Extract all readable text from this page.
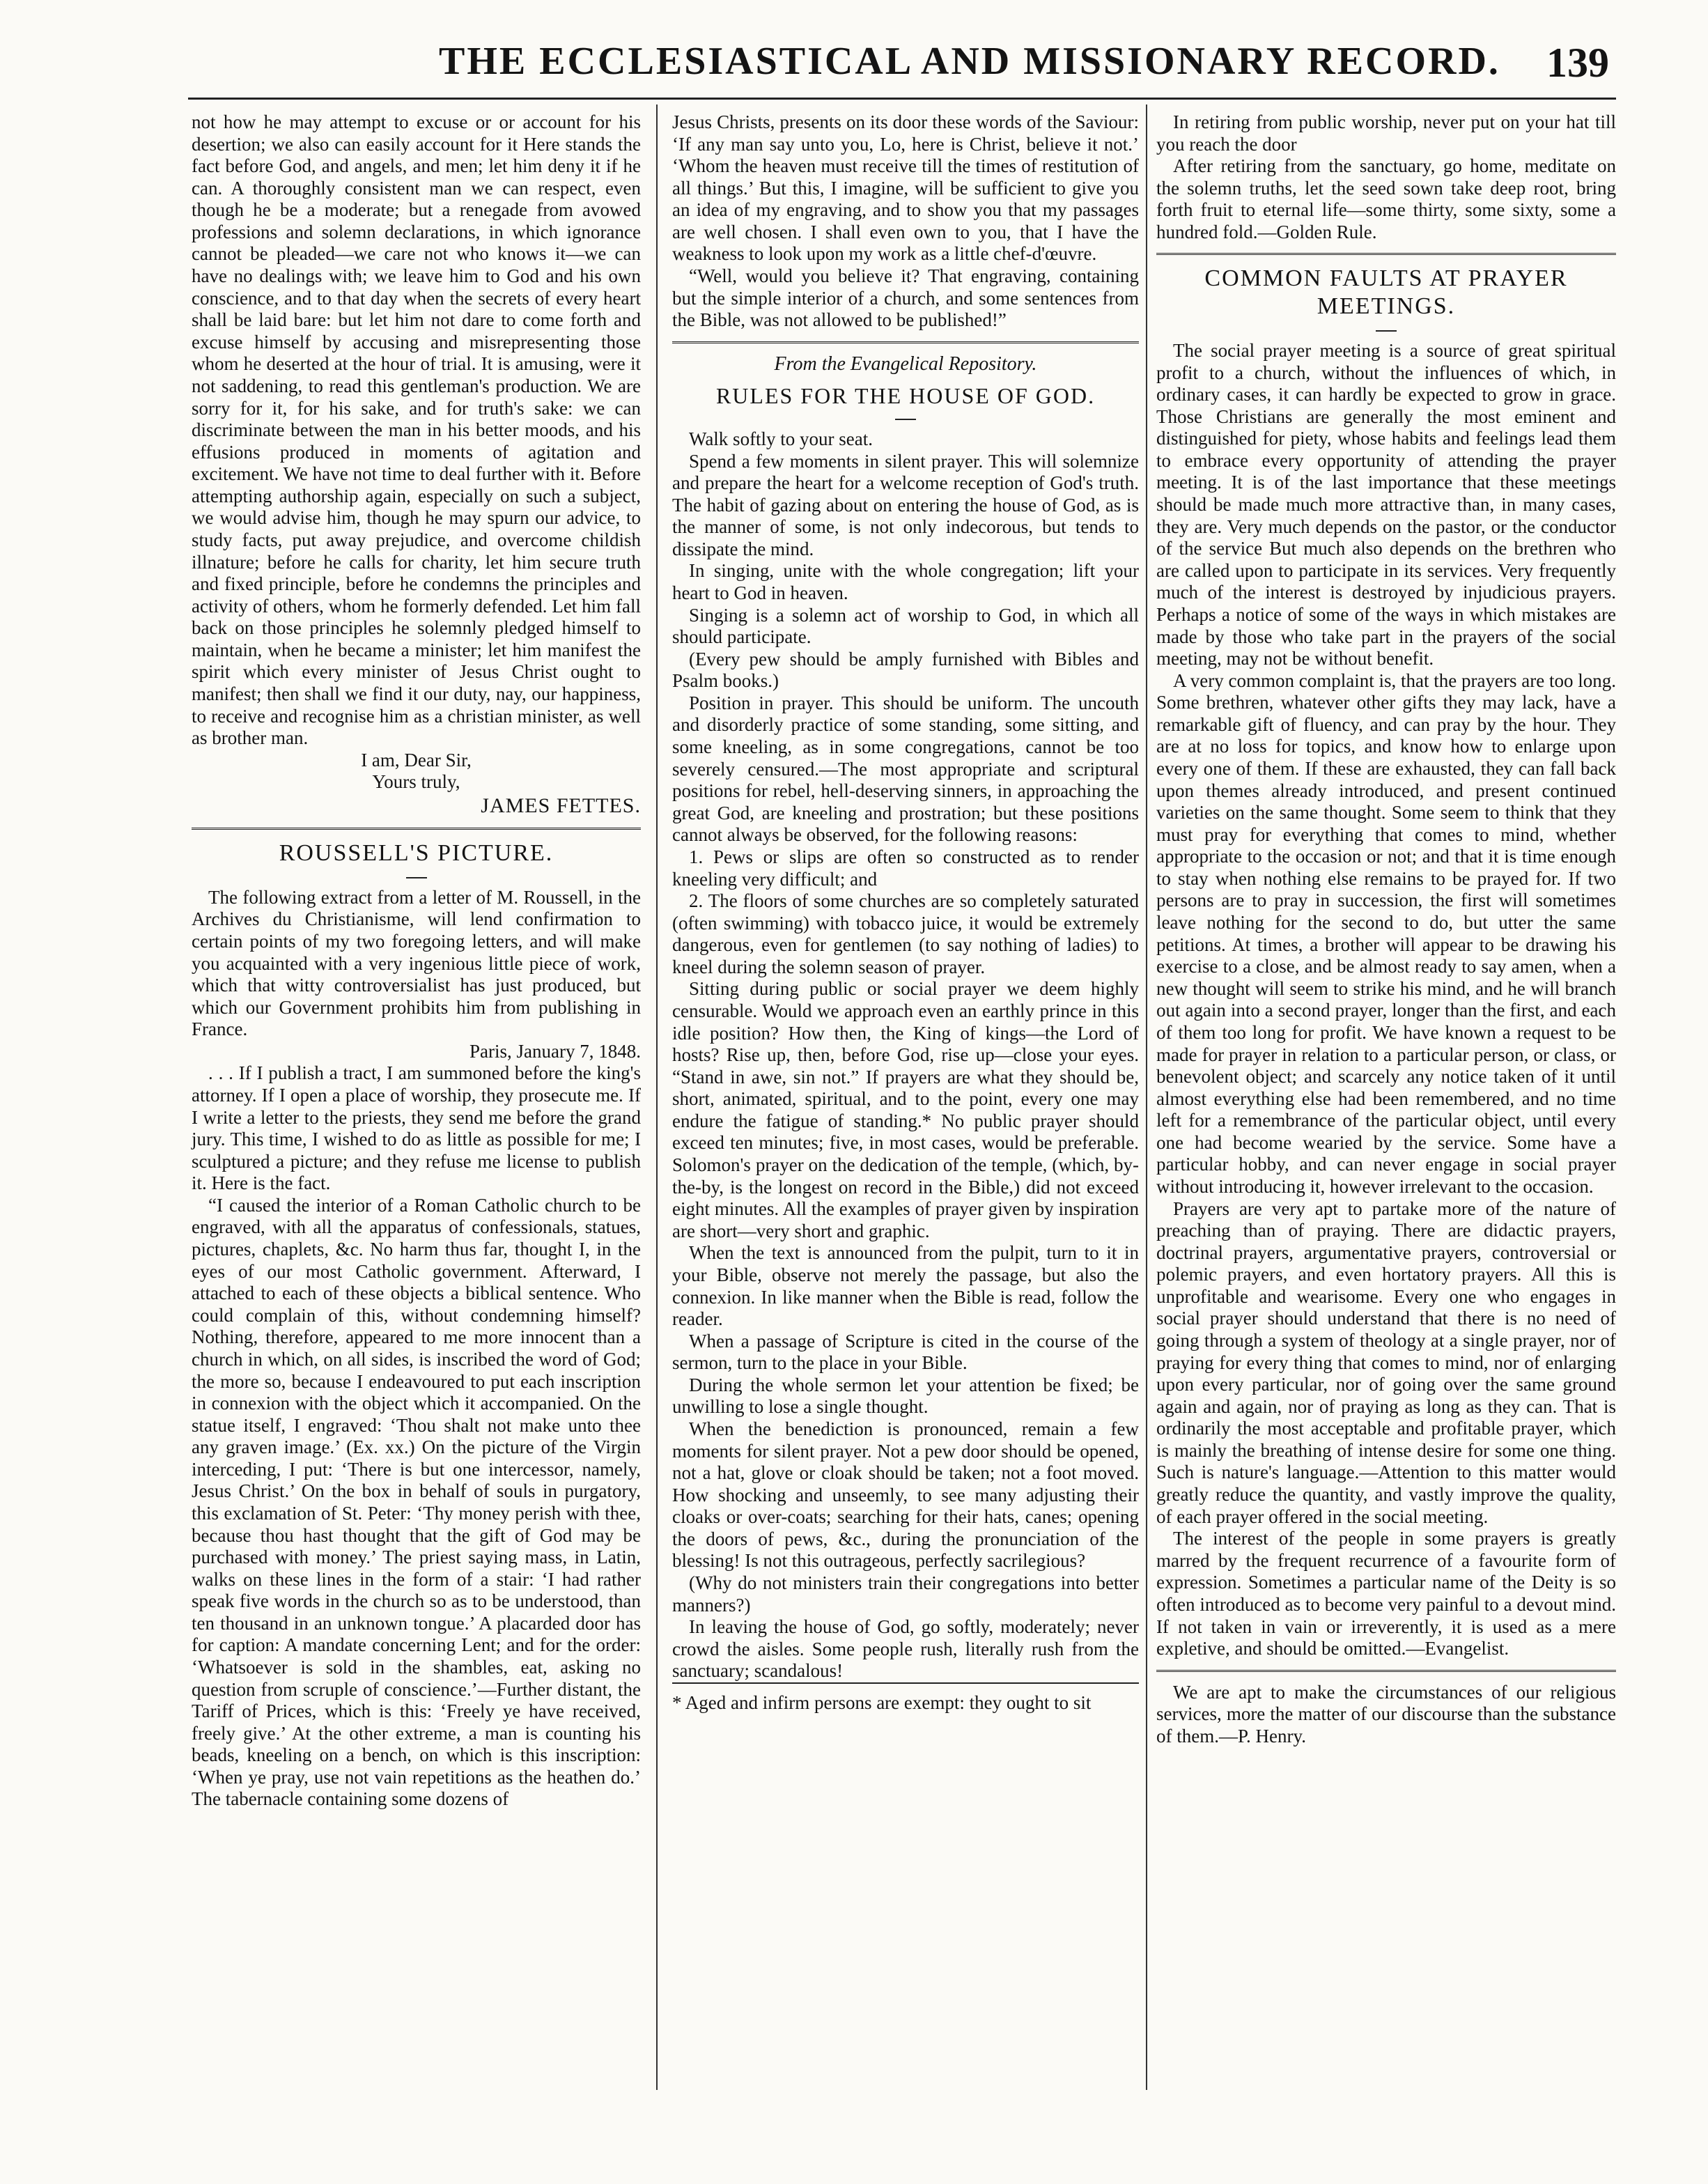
THE ECCLESIASTICAL AND MISSIONARY RECORD. 139

not how he may attempt to excuse or or account for his desertion; we also can easily account for it Here stands the fact before God, and angels, and men; let him deny it if he can. A thoroughly consistent man we can respect, even though he be a moderate; but a renegade from avowed professions and solemn declarations, in which ignorance cannot be pleaded—we care not who knows it—we can have no dealings with; we leave him to God and his own conscience, and to that day when the secrets of every heart shall be laid bare: but let him not dare to come forth and excuse himself by accusing and misrepresenting those whom he deserted at the hour of trial. It is amusing, were it not saddening, to read this gentleman's production. We are sorry for it, for his sake, and for truth's sake: we can discriminate between the man in his better moods, and his effusions produced in moments of agitation and excitement. We have not time to deal further with it. Before attempting authorship again, especially on such a subject, we would advise him, though he may spurn our advice, to study facts, put away prejudice, and overcome childish illnature; before he calls for charity, let him secure truth and fixed principle, before he condemns the principles and activity of others, whom he formerly defended. Let him fall back on those principles he solemnly pledged himself to maintain, when he became a minister; let him manifest the spirit which every minister of Jesus Christ ought to manifest; then shall we find it our duty, nay, our happiness, to receive and recognise him as a christian minister, as well as brother man.

I am, Dear Sir,

Yours truly,

JAMES FETTES.

ROUSSELL'S PICTURE.

The following extract from a letter of M. Roussell, in the Archives du Christianisme, will lend confirmation to certain points of my two foregoing letters, and will make you acquainted with a very ingenious little piece of work, which that witty controversialist has just produced, but which our Government prohibits him from publishing in France.

Paris, January 7, 1848.

. . . If I publish a tract, I am summoned before the king's attorney. If I open a place of worship, they prosecute me. If I write a letter to the priests, they send me before the grand jury. This time, I wished to do as little as possible for me; I sculptured a picture; and they refuse me license to publish it. Here is the fact.

“I caused the interior of a Roman Catholic church to be engraved, with all the apparatus of confessionals, statues, pictures, chaplets, &c. No harm thus far, thought I, in the eyes of our most Catholic government. Afterward, I attached to each of these objects a biblical sentence. Who could complain of this, without condemning himself? Nothing, therefore, appeared to me more innocent than a church in which, on all sides, is inscribed the word of God; the more so, because I endeavoured to put each inscription in connexion with the object which it accompanied. On the statue itself, I engraved: ‘Thou shalt not make unto thee any graven image.’ (Ex. xx.) On the picture of the Virgin interceding, I put: ‘There is but one intercessor, namely, Jesus Christ.’ On the box in behalf of souls in purgatory, this exclamation of St. Peter: ‘Thy money perish with thee, because thou hast thought that the gift of God may be purchased with money.’ The priest saying mass, in Latin, walks on these lines in the form of a stair: ‘I had rather speak five words in the church so as to be understood, than ten thousand in an unknown tongue.’ A placarded door has for caption: A mandate concerning Lent; and for the order: ‘Whatsoever is sold in the shambles, eat, asking no question from scruple of conscience.’—Further distant, the Tariff of Prices, which is this: ‘Freely ye have received, freely give.’ At the other extreme, a man is counting his beads, kneeling on a bench, on which is this inscription: ‘When ye pray, use not vain repetitions as the heathen do.’ The tabernacle containing some dozens of

Jesus Christs, presents on its door these words of the Saviour: ‘If any man say unto you, Lo, here is Christ, believe it not.’ ‘Whom the heaven must receive till the times of restitution of all things.’ But this, I imagine, will be sufficient to give you an idea of my engraving, and to show you that my passages are well chosen. I shall even own to you, that I have the weakness to look upon my work as a little chef-d'œuvre.

“Well, would you believe it? That engraving, containing but the simple interior of a church, and some sentences from the Bible, was not allowed to be published!”

From the Evangelical Repository.
RULES FOR THE HOUSE OF GOD.

Walk softly to your seat.

Spend a few moments in silent prayer. This will solemnize and prepare the heart for a welcome reception of God's truth. The habit of gazing about on entering the house of God, as is the manner of some, is not only indecorous, but tends to dissipate the mind.

In singing, unite with the whole congregation; lift your heart to God in heaven.

Singing is a solemn act of worship to God, in which all should participate.

(Every pew should be amply furnished with Bibles and Psalm books.)

Position in prayer. This should be uniform. The uncouth and disorderly practice of some standing, some sitting, and some kneeling, as in some congregations, cannot be too severely censured.—The most appropriate and scriptural positions for rebel, hell-deserving sinners, in approaching the great God, are kneeling and prostration; but these positions cannot always be observed, for the following reasons:

1. Pews or slips are often so constructed as to render kneeling very difficult; and

2. The floors of some churches are so completely saturated (often swimming) with tobacco juice, it would be extremely dangerous, even for gentlemen (to say nothing of ladies) to kneel during the solemn season of prayer.

Sitting during public or social prayer we deem highly censurable. Would we approach even an earthly prince in this idle position? How then, the King of kings—the Lord of hosts? Rise up, then, before God, rise up—close your eyes. “Stand in awe, sin not.” If prayers are what they should be, short, animated, spiritual, and to the point, every one may endure the fatigue of standing.* No public prayer should exceed ten minutes; five, in most cases, would be preferable. Solomon's prayer on the dedication of the temple, (which, by-the-by, is the longest on record in the Bible,) did not exceed eight minutes. All the examples of prayer given by inspiration are short—very short and graphic.

When the text is announced from the pulpit, turn to it in your Bible, observe not merely the passage, but also the connexion. In like manner when the Bible is read, follow the reader.

When a passage of Scripture is cited in the course of the sermon, turn to the place in your Bible.

During the whole sermon let your attention be fixed; be unwilling to lose a single thought.

When the benediction is pronounced, remain a few moments for silent prayer. Not a pew door should be opened, not a hat, glove or cloak should be taken; not a foot moved. How shocking and unseemly, to see many adjusting their cloaks or over-coats; searching for their hats, canes; opening the doors of pews, &c., during the pronunciation of the blessing! Is not this outrageous, perfectly sacrilegious?

(Why do not ministers train their congregations into better manners?)

In leaving the house of God, go softly, moderately; never crowd the aisles. Some people rush, literally rush from the sanctuary; scandalous!

* Aged and infirm persons are exempt: they ought to sit

In retiring from public worship, never put on your hat till you reach the door

After retiring from the sanctuary, go home, meditate on the solemn truths, let the seed sown take deep root, bring forth fruit to eternal life—some thirty, some sixty, some a hundred fold.—Golden Rule.

COMMON FAULTS AT PRAYER MEETINGS.

The social prayer meeting is a source of great spiritual profit to a church, without the influences of which, in ordinary cases, it can hardly be expected to grow in grace. Those Christians are generally the most eminent and distinguished for piety, whose habits and feelings lead them to embrace every opportunity of attending the prayer meeting. It is of the last importance that these meetings should be made much more attractive than, in many cases, they are. Very much depends on the pastor, or the conductor of the service But much also depends on the brethren who are called upon to participate in its services. Very frequently much of the interest is destroyed by injudicious prayers. Perhaps a notice of some of the ways in which mistakes are made by those who take part in the prayers of the social meeting, may not be without benefit.

A very common complaint is, that the prayers are too long. Some brethren, whatever other gifts they may lack, have a remarkable gift of fluency, and can pray by the hour. They are at no loss for topics, and know how to enlarge upon every one of them. If these are exhausted, they can fall back upon themes already introduced, and present continued varieties on the same thought. Some seem to think that they must pray for everything that comes to mind, whether appropriate to the occasion or not; and that it is time enough to stay when nothing else remains to be prayed for. If two persons are to pray in succession, the first will sometimes leave nothing for the second to do, but utter the same petitions. At times, a brother will appear to be drawing his exercise to a close, and be almost ready to say amen, when a new thought will seem to strike his mind, and he will branch out again into a second prayer, longer than the first, and each of them too long for profit. We have known a request to be made for prayer in relation to a particular person, or class, or benevolent object; and scarcely any notice taken of it until almost everything else had been remembered, and no time left for a remembrance of the particular object, until every one had become wearied by the service. Some have a particular hobby, and can never engage in social prayer without introducing it, however irrelevant to the occasion.

Prayers are very apt to partake more of the nature of preaching than of praying. There are didactic prayers, doctrinal prayers, argumentative prayers, controversial or polemic prayers, and even hortatory prayers. All this is unprofitable and wearisome. Every one who engages in social prayer should understand that there is no need of going through a system of theology at a single prayer, nor of praying for every thing that comes to mind, nor of enlarging upon every particular, nor of going over the same ground again and again, nor of praying as long as they can. That is ordinarily the most acceptable and profitable prayer, which is mainly the breathing of intense desire for some one thing. Such is nature's language.—Attention to this matter would greatly reduce the quantity, and vastly improve the quality, of each prayer offered in the social meeting.

The interest of the people in some prayers is greatly marred by the frequent recurrence of a favourite form of expression. Sometimes a particular name of the Deity is so often introduced as to become very painful to a devout mind. If not taken in vain or irreverently, it is used as a mere expletive, and should be omitted.—Evangelist.

We are apt to make the circumstances of our religious services, more the matter of our discourse than the substance of them.—P. Henry.
